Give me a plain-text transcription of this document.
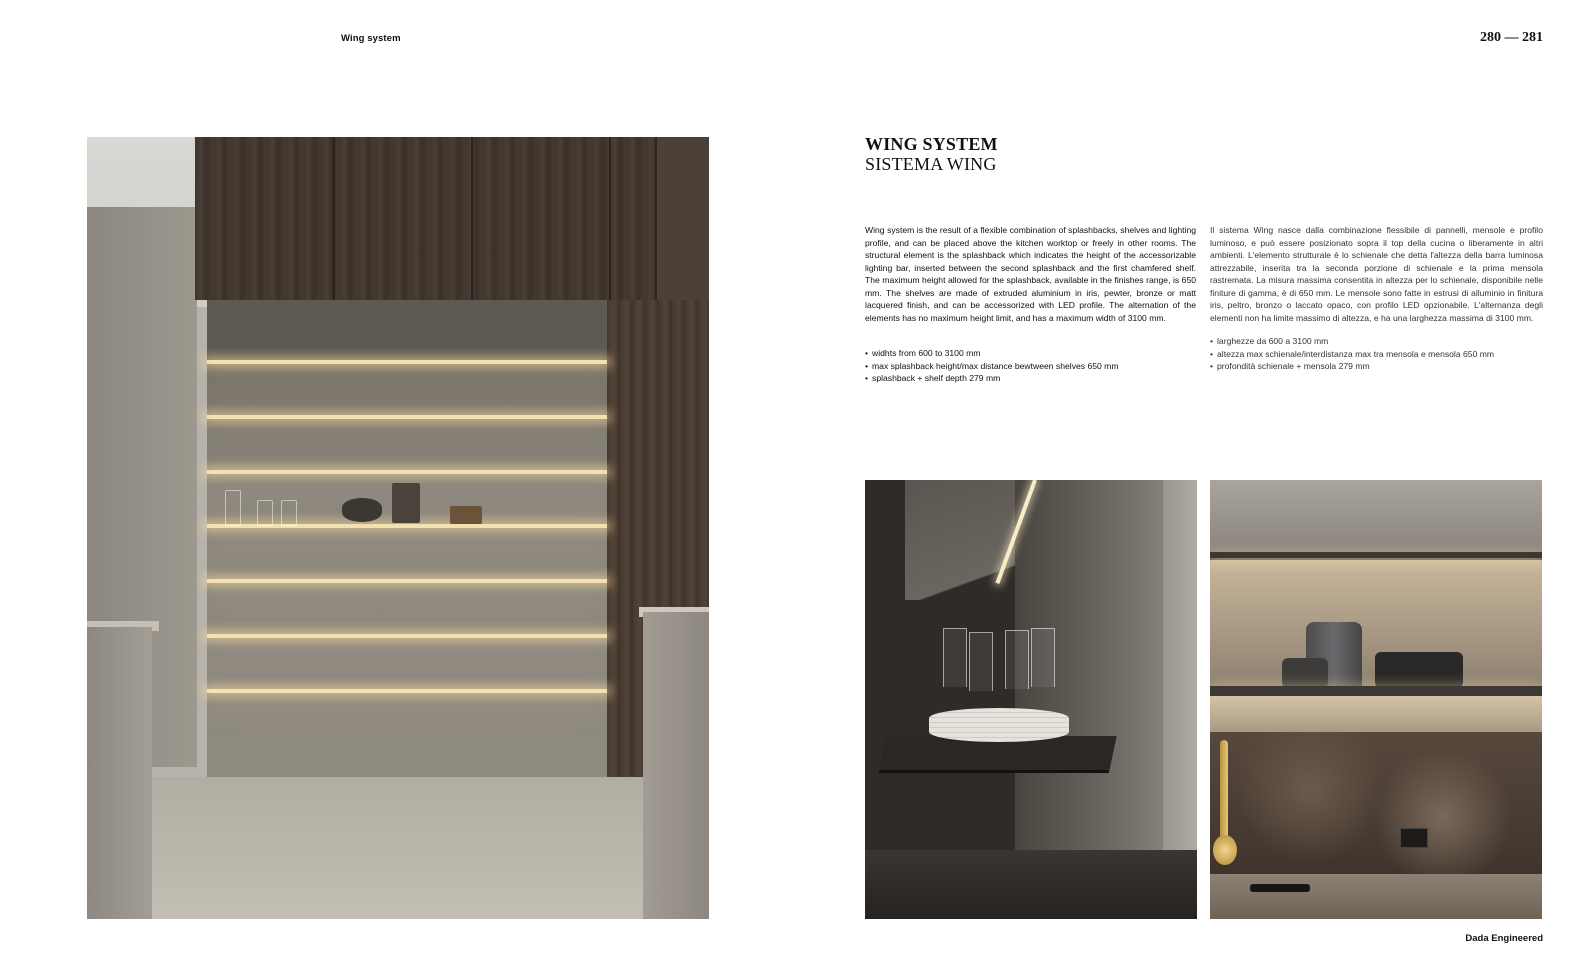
Wing system	280 — 281
WING SYSTEM
SISTEMA WING

Wing system is the result of a flexible combination of splashbacks, shelves and lighting profile, and can be placed above the kitchen worktop or freely in other rooms. The structural element is the splashback which indicates the height of the accessorizable lighting bar, inserted between the second splashback and the first chamfered shelf. The maximum height allowed for the splashback, available in the finishes range, is 650 mm. The shelves are made of extruded aluminium in iris, pewter, bronze or matt lacquered finish, and can be accessorized with LED profile. The alternation of the elements has no maximum height limit, and has a maximum width of 3100 mm.

Il sistema Wing nasce dalla combinazione flessibile di pannelli, mensole e profilo luminoso, e può essere posizionato sopra il top della cucina o liberamente in altri ambienti. L'elemento strutturale è lo schienale che detta l'altezza della barra luminosa attrezzabile, inserita tra la seconda porzione di schienale e la prima mensola rastremata. La misura massima consentita in altezza per lo schienale, disponibile nelle finiture di gamma, è di 650 mm. Le mensole sono fatte in estrusi di alluminio in finitura iris, peltro, bronzo o laccato opaco, con profilo LED opzionabile. L'alternanza degli elementi non ha limite massimo di altezza, e ha una larghezza massima di 3100 mm.

• widhts from 600 to 3100 mm
• max splashback height/max distance bewtween shelves 650 mm
• splashback + shelf depth 279 mm
• larghezze da 600 a 3100 mm
• altezza max schienale/interdistanza max tra mensola e mensola 650 mm
• profondità schienale + mensola 279 mm
Dada Engineered
